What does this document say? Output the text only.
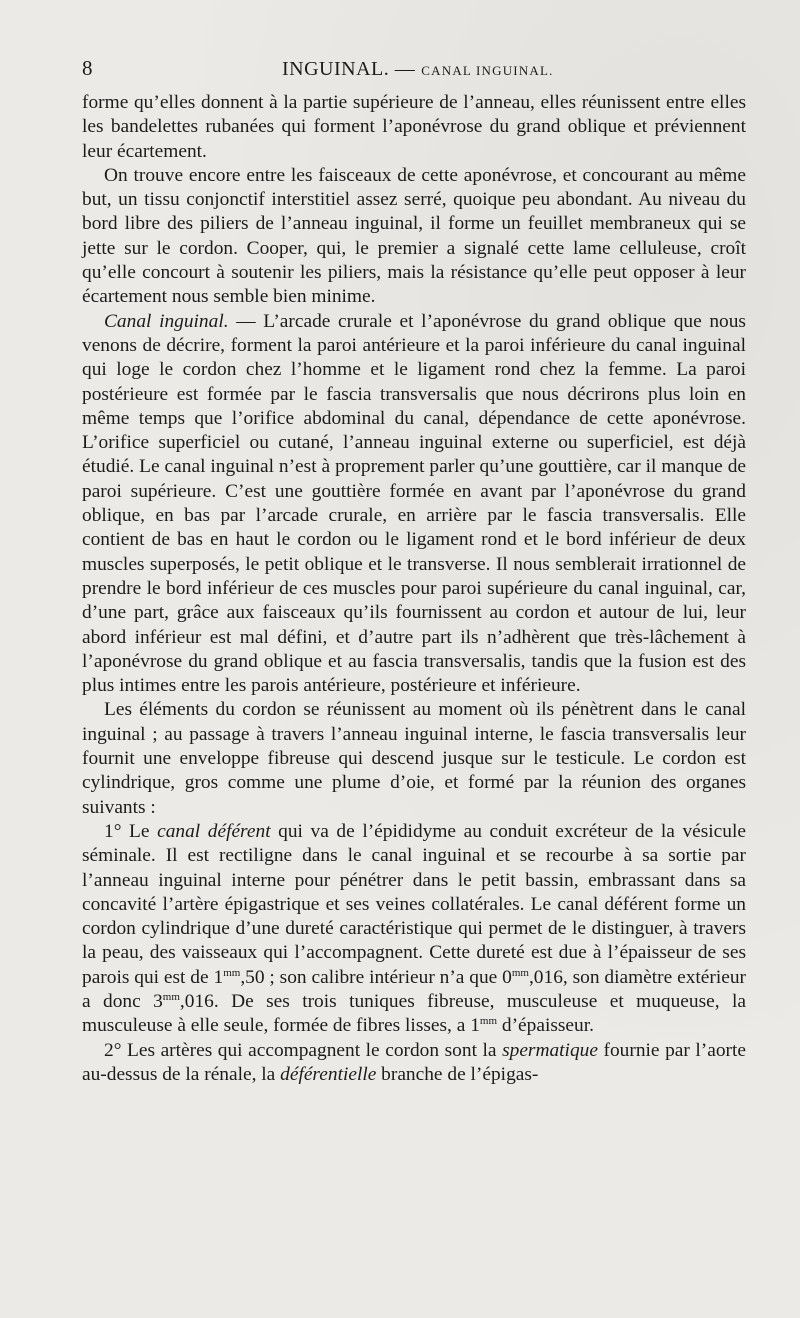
8	INGUINAL. — CANAL INGUINAL.

forme qu’elles donnent à la partie supérieure de l’anneau, elles réunissent entre elles les bandelettes rubanées qui forment l’aponévrose du grand oblique et préviennent leur écartement.

On trouve encore entre les faisceaux de cette aponévrose, et concourant au même but, un tissu conjonctif interstitiel assez serré, quoique peu abondant. Au niveau du bord libre des piliers de l’anneau inguinal, il forme un feuillet membraneux qui se jette sur le cordon. Cooper, qui, le premier a signalé cette lame celluleuse, croît qu’elle concourt à soutenir les piliers, mais la résistance qu’elle peut opposer à leur écartement nous semble bien minime.

Canal inguinal. — L’arcade crurale et l’aponévrose du grand oblique que nous venons de décrire, forment la paroi antérieure et la paroi inférieure du canal inguinal qui loge le cordon chez l’homme et le ligament rond chez la femme. La paroi postérieure est formée par le fascia transversalis que nous décrirons plus loin en même temps que l’orifice abdominal du canal, dépendance de cette aponévrose. L’orifice superficiel ou cutané, l’anneau inguinal externe ou superficiel, est déjà étudié. Le canal inguinal n’est à proprement parler qu’une gouttière, car il manque de paroi supérieure. C’est une gouttière formée en avant par l’aponévrose du grand oblique, en bas par l’arcade crurale, en arrière par le fascia transversalis. Elle contient de bas en haut le cordon ou le ligament rond et le bord inférieur de deux muscles superposés, le petit oblique et le transverse. Il nous semblerait irrationnel de prendre le bord inférieur de ces muscles pour paroi supérieure du canal inguinal, car, d’une part, grâce aux faisceaux qu’ils fournissent au cordon et autour de lui, leur abord inférieur est mal défini, et d’autre part ils n’adhèrent que très-lâchement à l’aponévrose du grand oblique et au fascia transversalis, tandis que la fusion est des plus intimes entre les parois antérieure, postérieure et inférieure.

Les éléments du cordon se réunissent au moment où ils pénètrent dans le canal inguinal ; au passage à travers l’anneau inguinal interne, le fascia transversalis leur fournit une enveloppe fibreuse qui descend jusque sur le testicule. Le cordon est cylindrique, gros comme une plume d’oie, et formé par la réunion des organes suivants :

1° Le canal déférent qui va de l’épididyme au conduit excréteur de la vésicule séminale. Il est rectiligne dans le canal inguinal et se recourbe à sa sortie par l’anneau inguinal interne pour pénétrer dans le petit bassin, embrassant dans sa concavité l’artère épigastrique et ses veines collatérales. Le canal déférent forme un cordon cylindrique d’une dureté caractéristique qui permet de le distinguer, à travers la peau, des vaisseaux qui l’accompagnent. Cette dureté est due à l’épaisseur de ses parois qui est de $1^{mm},50$ ; son calibre intérieur n’a que $0^{mm},016$, son diamètre extérieur a donc $3^{mm},016$. De ses trois tuniques fibreuse, musculeuse et muqueuse, la musculeuse à elle seule, formée de fibres lisses, a $1^{mm}$ d’épaisseur.

2° Les artères qui accompagnent le cordon sont la spermatique fournie par l’aorte au-dessus de la rénale, la déférentielle branche de l’épigas-
